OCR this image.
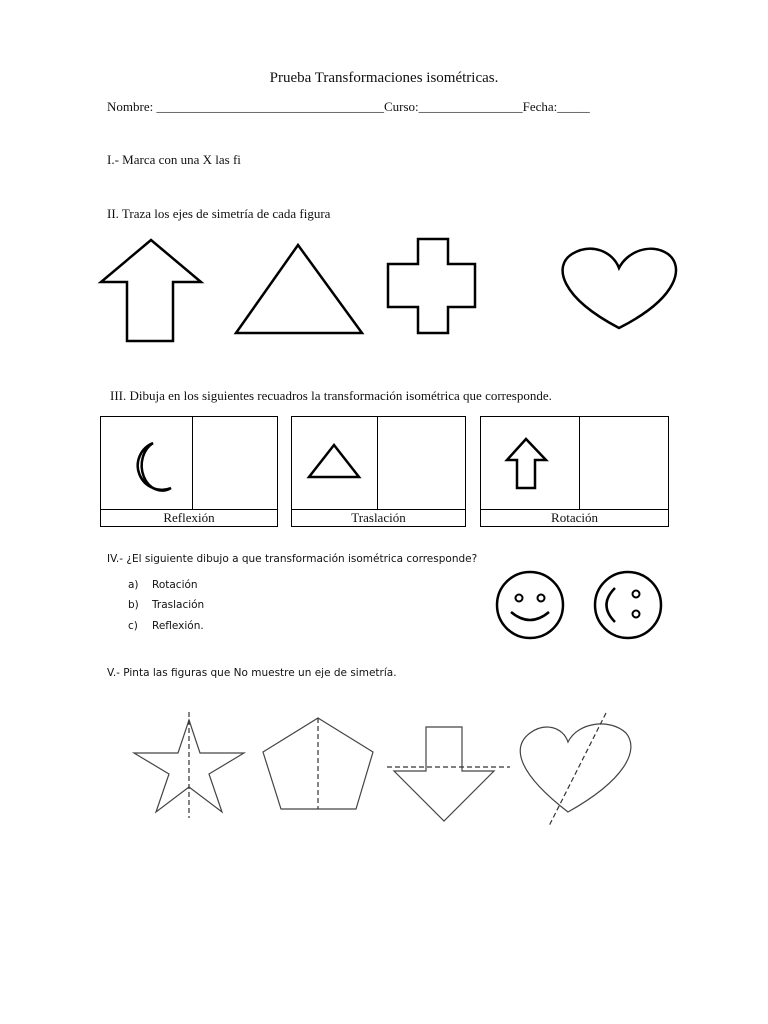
Prueba Transformaciones isométricas.
Nombre: ___________________________________Curso:________________Fecha:_____
I.- Marca con una X las fi
II. Traza los ejes de simetría de cada figura
III. Dibuja en los siguientes recuadros la transformación isométrica que corresponde.
Reflexión	Traslación	Rotación
IV.- ¿El siguiente dibujo a que transformación isométrica corresponde?
a) Rotación
b) Traslación
c) Reflexión.
V.- Pinta las figuras que No muestre un eje de simetría.
